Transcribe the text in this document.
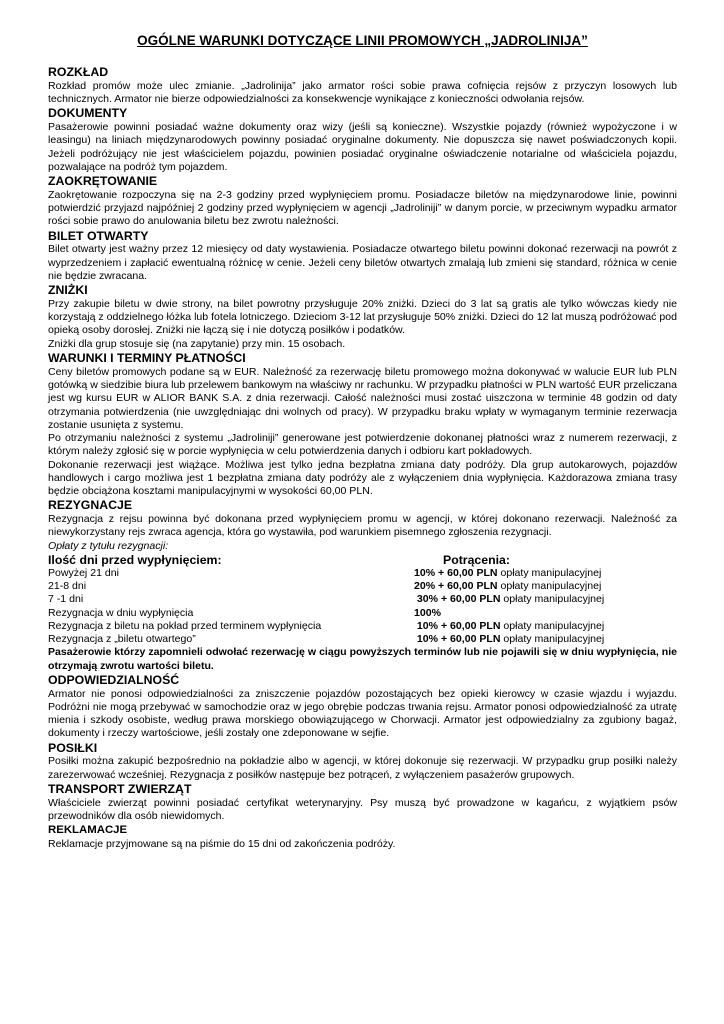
OGÓLNE WARUNKI DOTYCZĄCE LINII PROMOWYCH „JADROLINIJA”
ROZKŁAD

Rozkład promów może ulec zmianie. „Jadrolinija” jako armator rości sobie prawa cofnięcia rejsów z przyczyn losowych lub technicznych. Armator nie bierze odpowiedzialności za konsekwencje wynikające z konieczności odwołania rejsów.

DOKUMENTY

Pasażerowie powinni posiadać ważne dokumenty oraz wizy (jeśli są konieczne). Wszystkie pojazdy (również wypożyczone i w leasingu) na liniach międzynarodowych powinny posiadać oryginalne dokumenty. Nie dopuszcza się nawet poświadczonych kopii. Jeżeli podróżujący nie jest właścicielem pojazdu, powinien posiadać oryginalne oświadczenie notarialne od właściciela pojazdu, pozwalające na podróż tym pojazdem.

ZAOKRĘTOWANIE

Zaokrętowanie rozpoczyna się na 2-3 godziny przed wypłynięciem promu. Posiadacze biletów na międzynarodowe linie, powinni potwierdzić przyjazd najpóźniej 2 godziny przed wypłynięciem w agencji „Jadroliniji” w danym porcie, w przeciwnym wypadku armator rości sobie prawo do anulowania biletu bez zwrotu należności.

BILET OTWARTY

Bilet otwarty jest ważny przez 12 miesięcy od daty wystawienia. Posiadacze otwartego biletu powinni dokonać rezerwacji na powrót z wyprzedzeniem i zapłacić ewentualną różnicę w cenie. Jeżeli ceny biletów otwartych zmalają lub zmieni się standard, różnica w cenie nie będzie zwracana.

ZNIŻKI

Przy zakupie biletu w dwie strony, na bilet powrotny przysługuje 20% zniżki. Dzieci do 3 lat są gratis ale tylko wówczas kiedy nie korzystają z oddzielnego łóżka lub fotela lotniczego. Dzieciom 3-12 lat przysługuje 50% zniżki. Dzieci do 12 lat muszą podróżować pod opieką osoby dorosłej. Zniżki nie łączą się i nie dotyczą posiłków i podatków.

Zniżki dla grup stosuje się (na zapytanie) przy min. 15 osobach.

WARUNKI I TERMINY PŁATNOŚCI

Ceny biletów promowych podane są w EUR. Należność za rezerwację biletu promowego można dokonywać w walucie EUR lub PLN gotówką w siedzibie biura lub przelewem bankowym na właściwy nr rachunku. W przypadku płatności w PLN wartość EUR przeliczana jest wg kursu EUR w ALIOR BANK S.A. z dnia rezerwacji. Całość należności musi zostać uiszczona w terminie 48 godzin od daty otrzymania potwierdzenia (nie uwzględniając dni wolnych od pracy). W przypadku braku wpłaty w wymaganym terminie rezerwacja zostanie usunięta z systemu.

Po otrzymaniu należności z systemu „Jadroliniji” generowane jest potwierdzenie dokonanej płatności wraz z numerem rezerwacji, z którym należy zgłosić się w porcie wypłynięcia w celu potwierdzenia danych i odbioru kart pokładowych.

Dokonanie rezerwacji jest wiążące. Możliwa jest tylko jedna bezpłatna zmiana daty podróży. Dla grup autokarowych, pojazdów handlowych i cargo możliwa jest 1 bezpłatna zmiana daty podróży ale z wyłączeniem dnia wypłynięcia. Każdorazowa zmiana trasy będzie obciążona kosztami manipulacyjnymi w wysokości 60,00 PLN.

REZYGNACJE

Rezygnacja z rejsu powinna być dokonana przed wypłynięciem promu w agencji, w której dokonano rezerwacji. Należność za niewykorzystany rejs zwraca agencja, która go wystawiła, pod warunkiem pisemnego zgłoszenia rezygnacji.

Opłaty z tytułu rezygnacji:

Ilość dni przed wypłynięciem:	Potrącenia:
Powyżej 21 dni	10% + 60,00 PLN opłaty manipulacyjnej
21-8 dni	20% + 60,00 PLN opłaty manipulacyjnej
7 -1 dni	30% + 60,00 PLN opłaty manipulacyjnej
Rezygnacja w dniu wypłynięcia	100%
Rezygnacja z biletu na pokład przed terminem wypłynięcia	10% + 60,00 PLN opłaty manipulacyjnej
Rezygnacja z „biletu otwartego”	10% + 60,00 PLN opłaty manipulacyjnej

Pasażerowie którzy zapomnieli odwołać rezerwację w ciągu powyższych terminów lub nie pojawili się w dniu wypłynięcia, nie otrzymają zwrotu wartości biletu.

ODPOWIEDZIALNOŚĆ

Armator nie ponosi odpowiedzialności za zniszczenie pojazdów pozostających bez opieki kierowcy w czasie wjazdu i wyjazdu. Podróżni nie mogą przebywać w samochodzie oraz w jego obrębie podczas trwania rejsu. Armator ponosi odpowiedzialność za utratę mienia i szkody osobiste, według prawa morskiego obowiązującego w Chorwacji. Armator jest odpowiedzialny za zgubiony bagaż, dokumenty i rzeczy wartościowe, jeśli zostały one zdeponowane w sejfie.

POSIŁKI

Posiłki można zakupić bezpośrednio na pokładzie albo w agencji, w której dokonuje się rezerwacji. W przypadku grup posiłki należy zarezerwować wcześniej. Rezygnacja z posiłków następuje bez potrąceń, z wyłączeniem pasażerów grupowych.

TRANSPORT ZWIERZĄT

Właściciele zwierząt powinni posiadać certyfikat weterynaryjny. Psy muszą być prowadzone w kagańcu, z wyjątkiem psów przewodników dla osób niewidomych.

REKLAMACJE

Reklamacje przyjmowane są na piśmie do 15 dni od zakończenia podróży.
